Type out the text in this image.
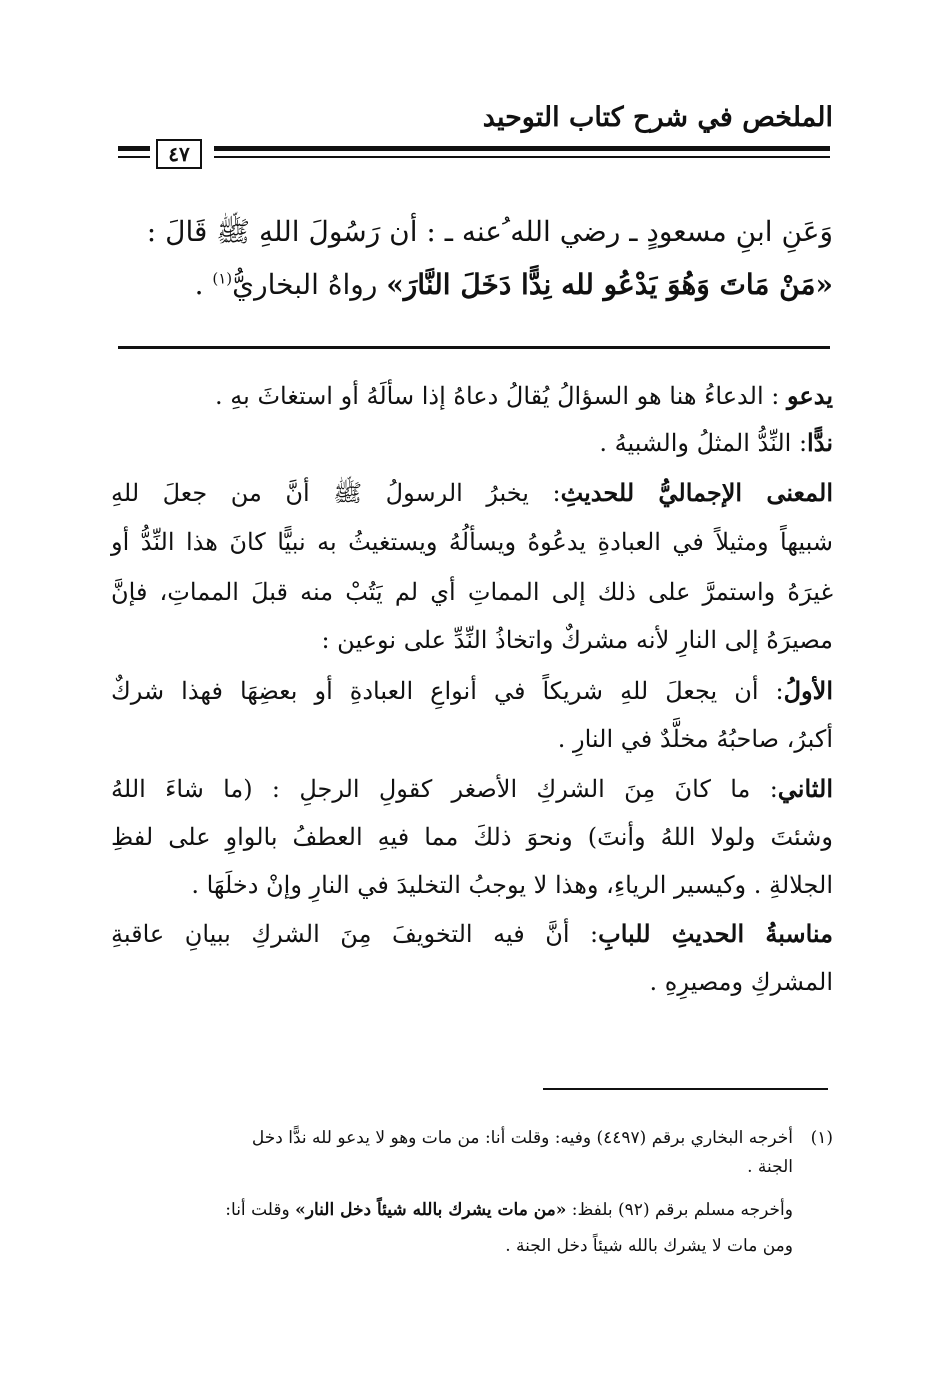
الملخص في شرح كتاب التوحيد
٤٧
وَعَنِ ابنِ مسعودٍ ـ رضي الله ُعنه ـ : أن رَسُولَ اللهِ ﷺ قَالَ :
«مَنْ مَاتَ وَهُوَ يَدْعُو لله نِدًّا دَخَلَ النَّارَ» رواهُ البخاريُّ$^{(١)}$ .
يدعو : الدعاءُ هنا هو السؤالُ يُقالُ دعاهُ إذا سألَهُ أو استغاثَ بهِ .
ندًّا: النِّدُّ المثلُ والشبيهُ .
المعنى الإجماليُّ للحديثِ: يخبرُ الرسولُ ﷺ أنَّ من جعلَ للهِ
شبيهاً ومثيلاً في العبادةِ يدعُوهُ ويسألُهُ ويستغيثُ به نبيًّا كانَ هذا النِّدُّ أو
غيرَهُ واستمرَّ على ذلك إلى المماتِ أي لم يَتُبْ منه قبلَ المماتِ، فإنَّ
مصيرَهُ إلى النارِ لأنه مشركٌ واتخاذُ النِّدِّ على نوعين :
الأولُ: أن يجعلَ للهِ شريكاً في أنواعِ العبادةِ أو بعضِهَا فهذا شركٌ
أكبرُ، صاحبُهُ مخلَّدٌ في النارِ .
الثاني: ما كانَ مِنَ الشركِ الأصغر كقولِ الرجلِ : (ما شاءَ اللهُ
وشئتَ ولولا اللهُ وأنتَ) ونحوَ ذلكَ مما فيهِ العطفُ بالواوِ على لفظِ
الجلالةِ . وكيسير الرياءِ، وهذا لا يوجبُ التخليدَ في النارِ وإنْ دخلَهَا .
مناسبةُ الحديثِ للبابِ: أنَّ فيه التخويفَ مِنَ الشركِ ببيانِ عاقبةِ
المشركِ ومصيرِهِ .
(١)
أخرجه البخاري برقم (٤٤٩٧) وفيه: وقلت أنا: من مات وهو لا يدعو لله ندًّا دخل
الجنة .
وأخرجه مسلم برقم (٩٢) بلفظ: «من مات يشرك بالله شيئاً دخل النار» وقلت أنا:
ومن مات لا يشرك بالله شيئاً دخل الجنة .
